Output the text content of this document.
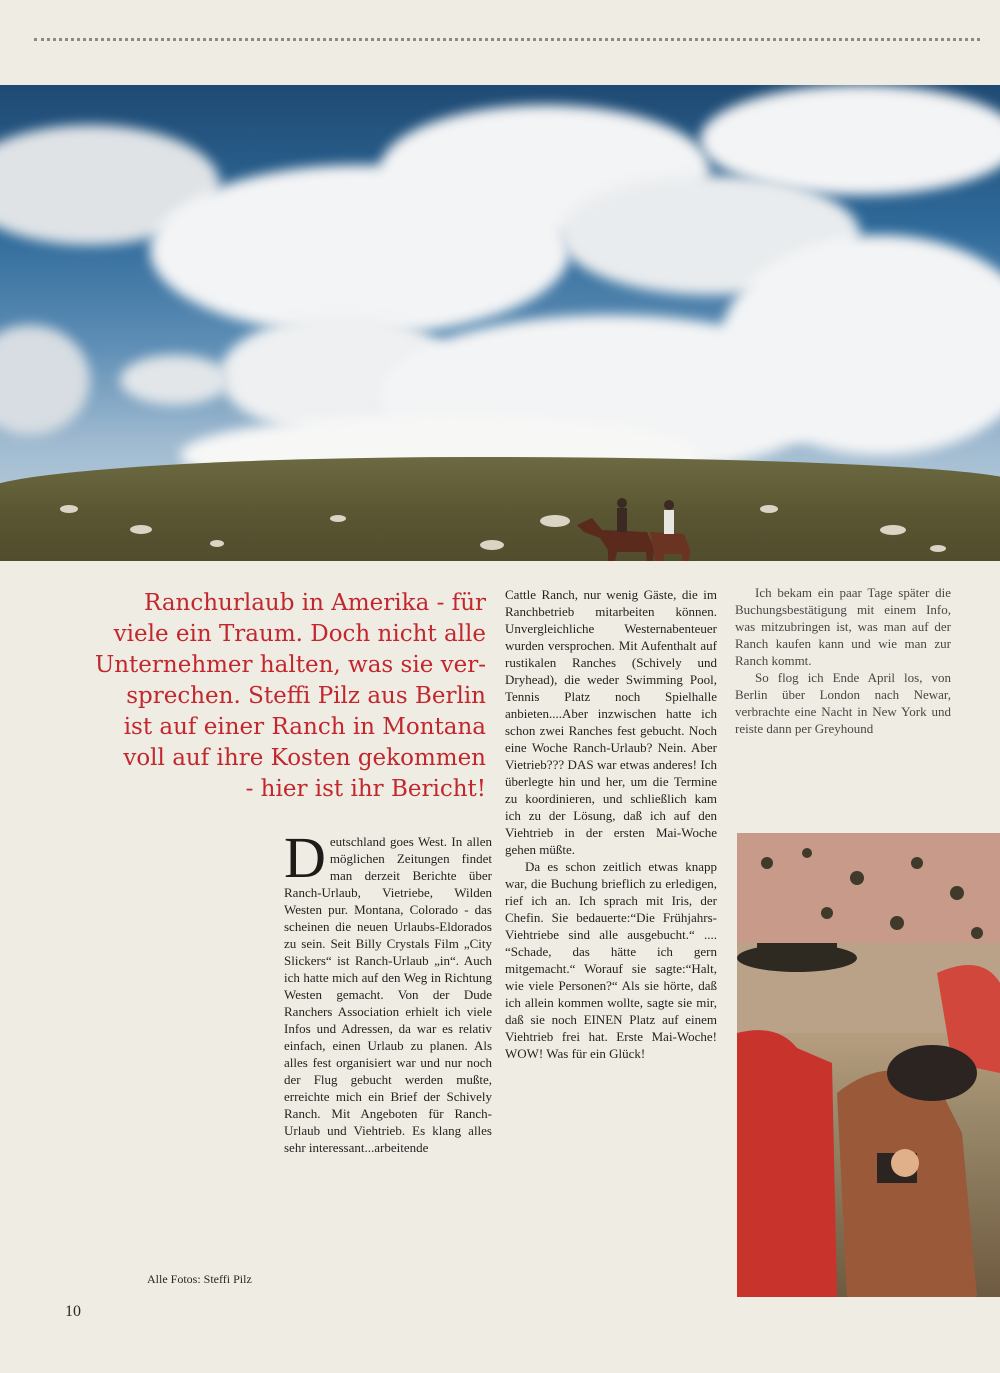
Ranchurlaub in Amerika - für
viele ein Traum. Doch nicht alle
Unternehmer halten, was sie ver-
sprechen. Steffi Pilz aus Berlin
ist auf einer Ranch in Montana
voll auf ihre Kosten gekommen
- hier ist ihr Bericht!
D eutschland goes West. In allen möglichen Zeitungen findet man derzeit Berichte über Ranch-Urlaub, Vietriebe, Wilden Westen pur. Montana, Colorado - das scheinen die neuen Urlaubs-Eldorados zu sein. Seit Billy Crystals Film „City Slickers“ ist Ranch-Urlaub „in“. Auch ich hatte mich auf den Weg in Richtung Westen gemacht. Von der Dude Ranchers Association erhielt ich viele Infos und Adressen, da war es relativ einfach, einen Urlaub zu planen. Als alles fest organisiert war und nur noch der Flug gebucht werden mußte, erreichte mich ein Brief der Schively Ranch. Mit Angeboten für Ranch-Urlaub und Viehtrieb. Es klang alles sehr interessant...arbeitende

Cattle Ranch, nur wenig Gäste, die im Ranchbetrieb mitarbeiten können. Unvergleichliche Westernabenteuer wurden versprochen. Mit Aufenthalt auf rustikalen Ranches (Schively und Dryhead), die weder Swimming Pool, Tennis Platz noch Spielhalle anbieten....Aber inzwischen hatte ich schon zwei Ranches fest gebucht. Noch eine Woche Ranch-Urlaub? Nein. Aber Vietrieb??? DAS war etwas anderes! Ich überlegte hin und her, um die Termine zu koordinieren, und schließlich kam ich zu der Lösung, daß ich auf den Viehtrieb in der ersten Mai-Woche gehen müßte.

Da es schon zeitlich etwas knapp war, die Buchung brieflich zu erledigen, rief ich an. Ich sprach mit Iris, der Chefin. Sie bedauerte:“Die Frühjahrs-Viehtriebe sind alle ausgebucht.“ .... “Schade, das hätte ich gern mitgemacht.“ Worauf sie sagte:“Halt, wie viele Personen?“ Als sie hörte, daß ich allein kommen wollte, sagte sie mir, daß sie noch EINEN Platz auf einem Viehtrieb frei hat. Erste Mai-Woche! WOW! Was für ein Glück!

Ich bekam ein paar Tage später die Buchungsbestätigung mit einem Info, was mitzubringen ist, was man auf der Ranch kaufen kann und wie man zur Ranch kommt.

So flog ich Ende April los, von Berlin über London nach Newar, verbrachte eine Nacht in New York und reiste dann per Greyhound

Alle Fotos: Steffi Pilz
10
